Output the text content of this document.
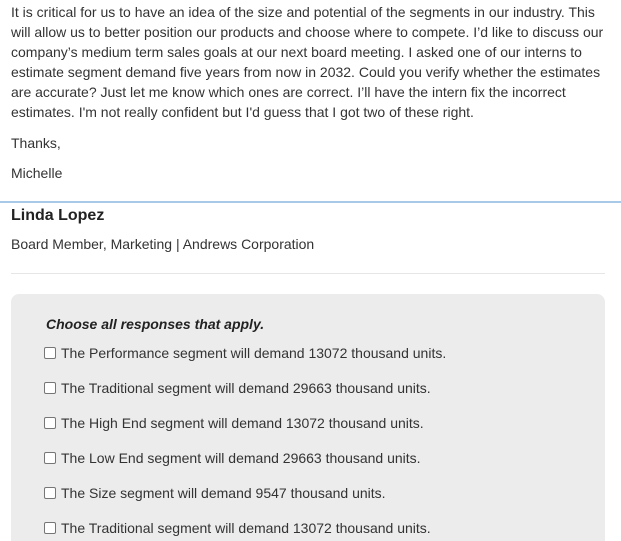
It is critical for us to have an idea of the size and potential of the segments in our industry. This will allow us to better position our products and choose where to compete. I’d like to discuss our company’s medium term sales goals at our next board meeting. I asked one of our interns to estimate segment demand five years from now in 2032. Could you verify whether the estimates are accurate? Just let me know which ones are correct. I’ll have the intern fix the incorrect estimates. I'm not really confident but I'd guess that I got two of these right.

Thanks,
Michelle
Linda Lopez
Board Member, Marketing | Andrews Corporation
Choose all responses that apply.
The Performance segment will demand 13072 thousand units.
The Traditional segment will demand 29663 thousand units.
The High End segment will demand 13072 thousand units.
The Low End segment will demand 29663 thousand units.
The Size segment will demand 9547 thousand units.
The Traditional segment will demand 13072 thousand units.
